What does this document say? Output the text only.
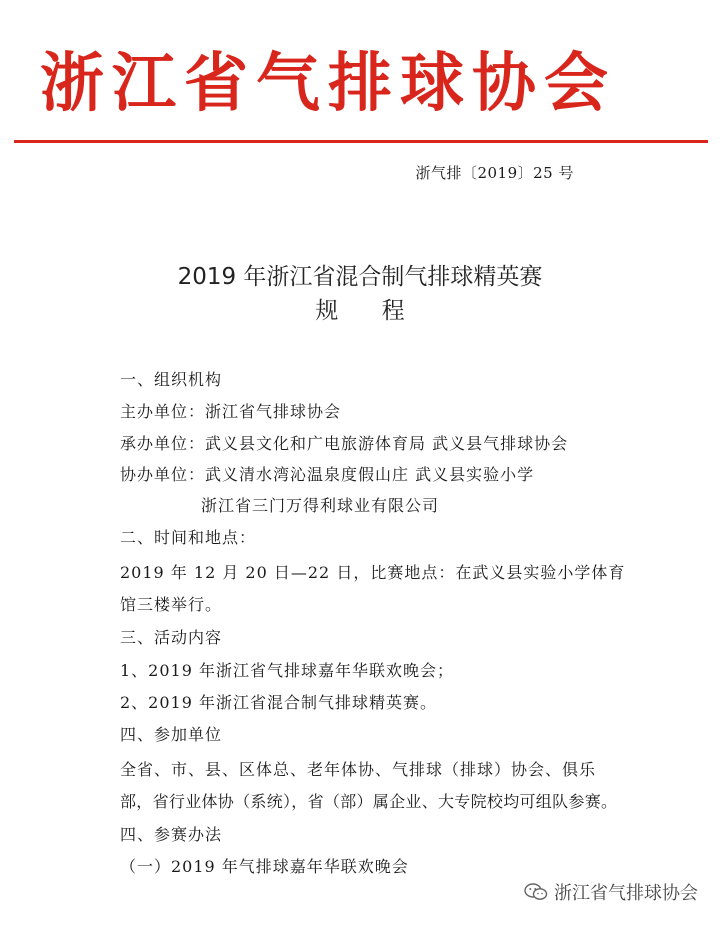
浙江省气排球协会
浙气排〔2019〕25 号
2019 年浙江省混合制气排球精英赛
规 程
一、组织机构
主办单位：浙江省气排球协会
承办单位：武义县文化和广电旅游体育局 武义县气排球协会
协办单位：武义清水湾沁温泉度假山庄 武义县实验小学
浙江省三门万得利球业有限公司
二、时间和地点：
2019 年 12 月 20 日—22 日，比赛地点：在武义县实验小学体育
馆三楼举行。
三、活动内容
1、2019 年浙江省气排球嘉年华联欢晚会；
2、2019 年浙江省混合制气排球精英赛。
四、参加单位
全省、市、县、区体总、老年体协、气排球（排球）协会、俱乐
部，省行业体协（系统），省（部）属企业、大专院校均可组队参赛。
四、参赛办法
（一）2019 年气排球嘉年华联欢晚会
浙江省气排球协会
